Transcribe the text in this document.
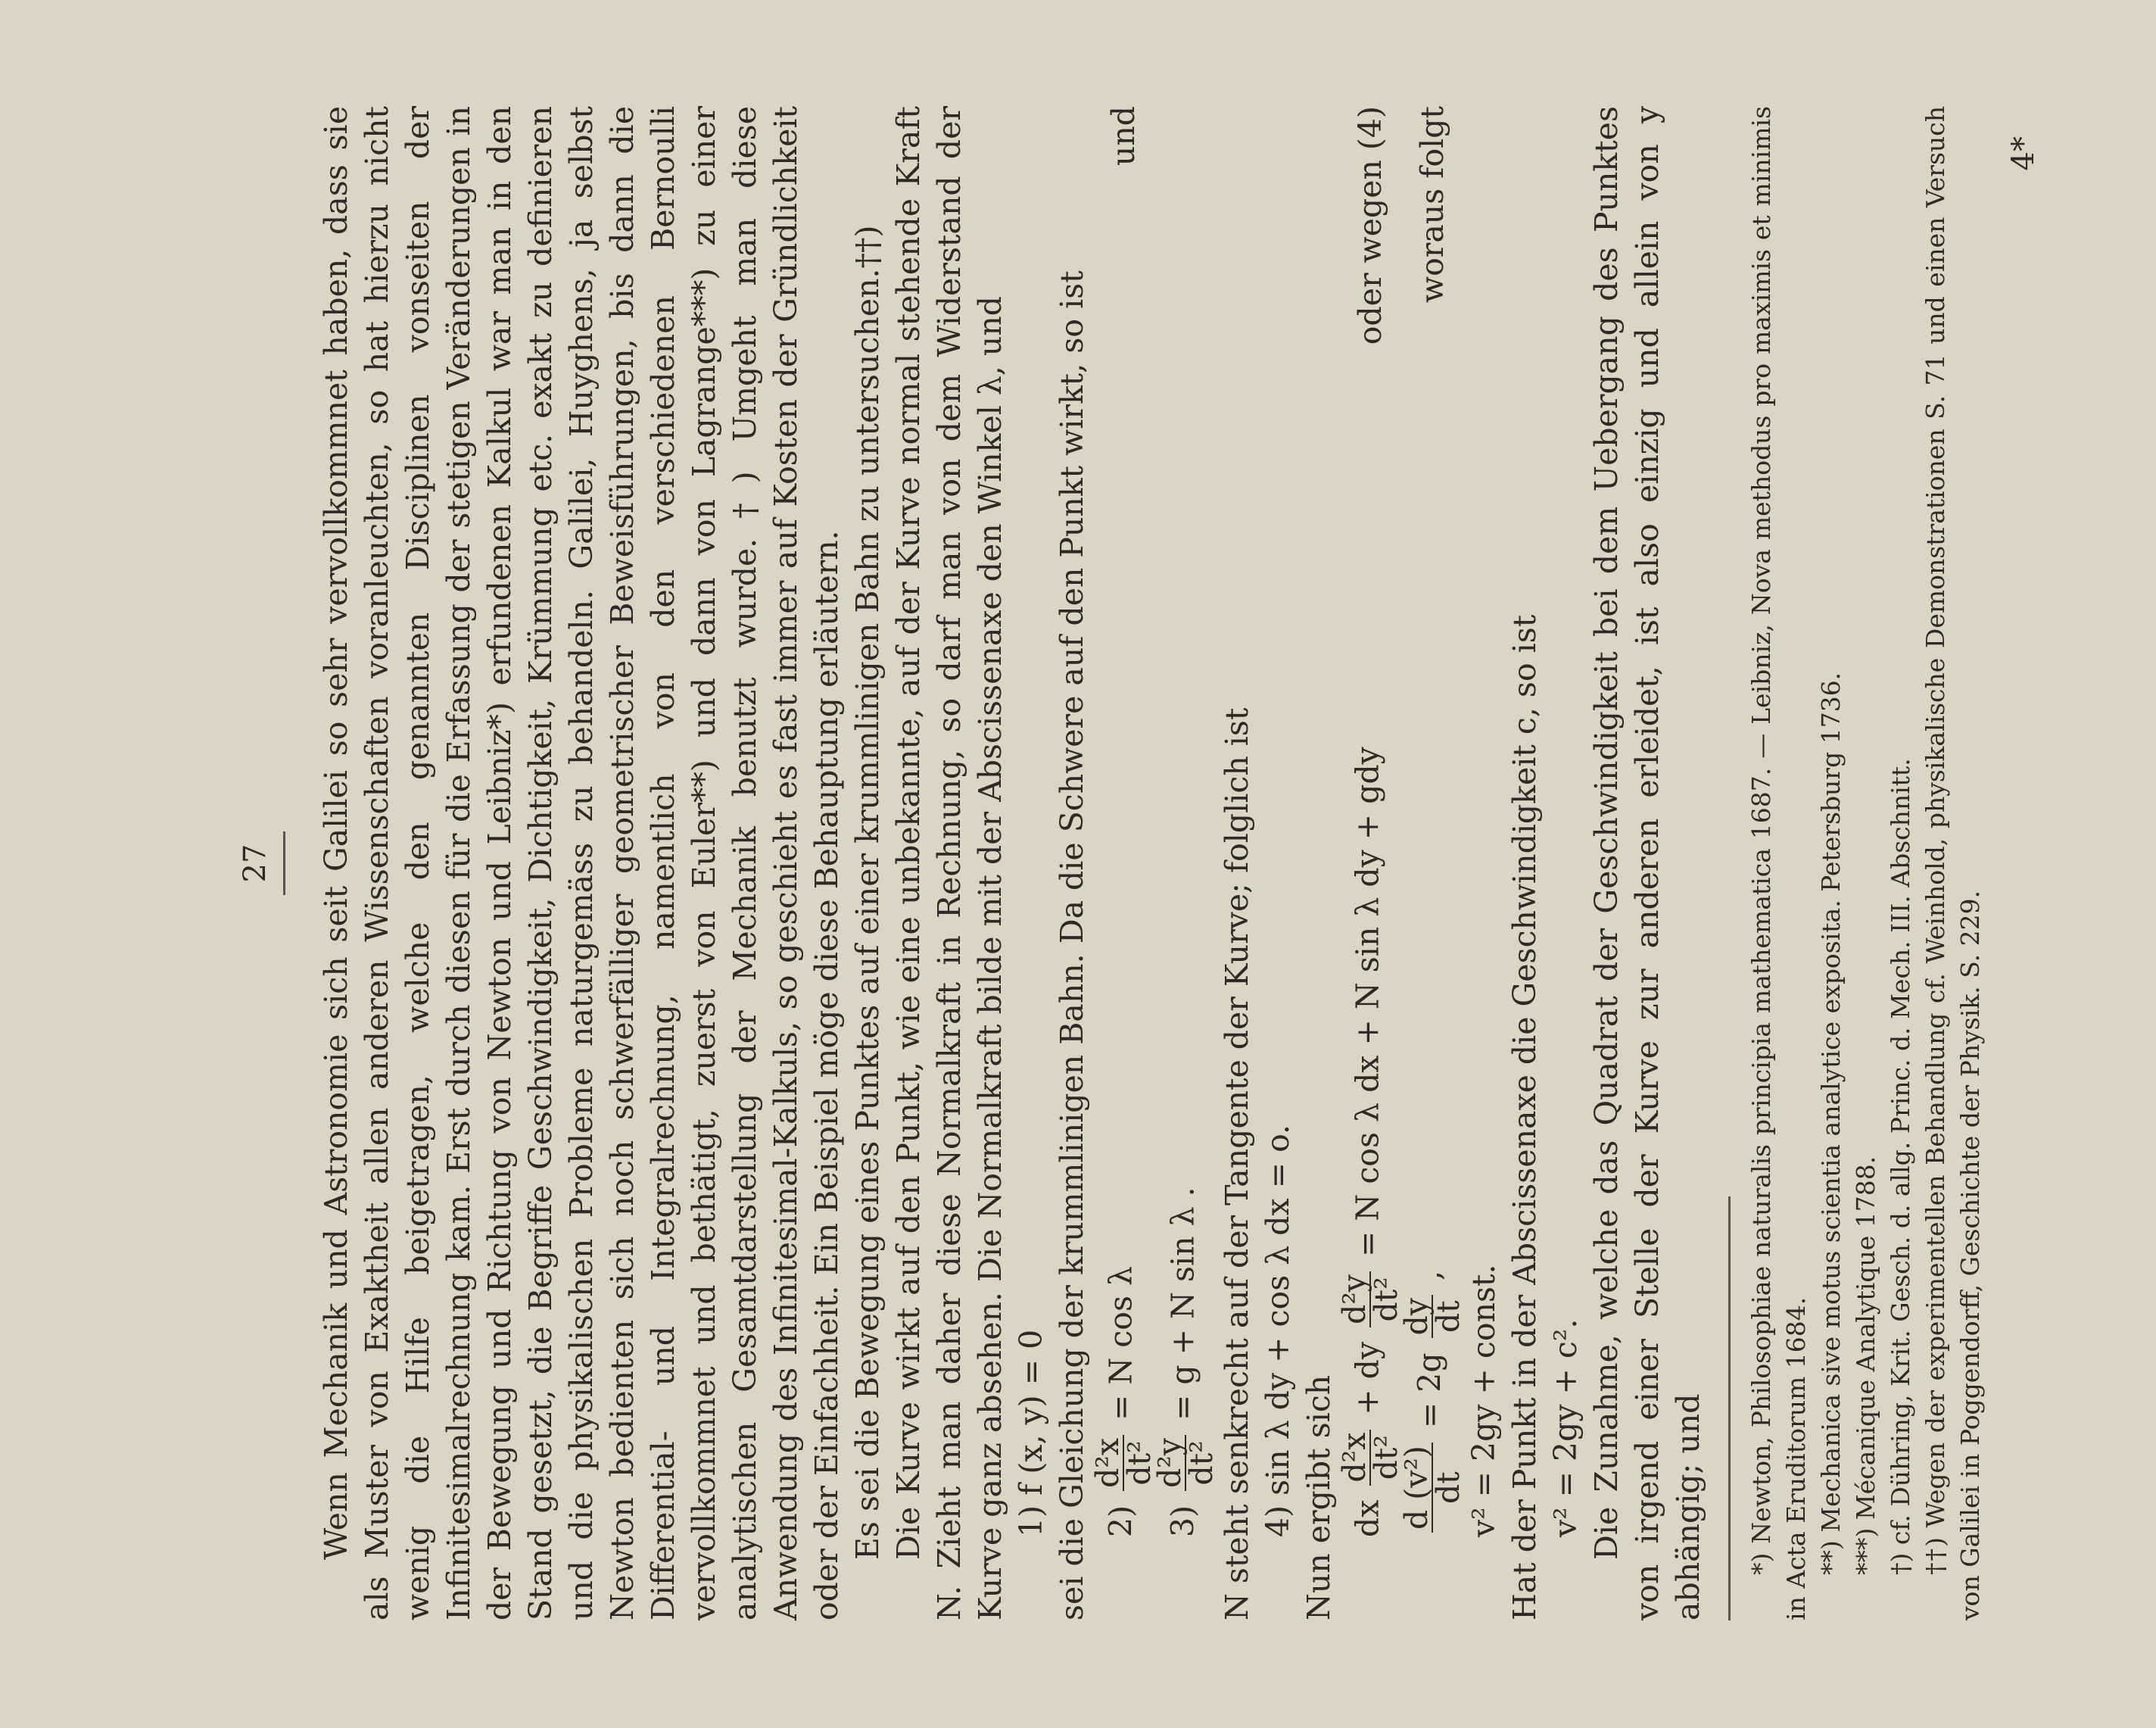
27 Wenn Mechanik und Astronomie sich seit Galilei so sehr vervollkommnet haben, dass sie als Muster von Exaktheit allen anderen Wissenschaften voranleuchten, so hat hierzu nicht wenig die Hilfe beigetragen, welche den genannten Disciplinen vonseiten der Infinitesimalrechnung kam. Erst durch diesen für die Erfassung der stetigen Veränderungen in der Bewegung und Richtung von Newton und Leibniz*) erfundenen Kalkul war man in den Stand gesetzt, die Begriffe Geschwindigkeit, Dichtigkeit, Krümmung etc. exakt zu definieren und die physikalischen Probleme naturgemäss zu behandeln. Galilei, Huyghens, ja selbst Newton bedienten sich noch schwerfälliger geometrischer Beweisführungen, bis dann die Differential- und Integralrechnung, namentlich von den verschiedenen Bernoulli vervollkommnet und bethätigt, zuerst von Euler**) und dann von Lagrange***) zu einer analytischen Gesamtdarstellung der Mechanik benutzt wurde.†) Umgeht man diese Anwendung des Infinitesimal-Kalkuls, so geschieht es fast immer auf Kosten der Gründlichkeit oder der Einfachheit. Ein Beispiel möge diese Behauptung erläutern. Es sei die Bewegung eines Punktes auf einer krummlinigen Bahn zu untersuchen.††) Die Kurve wirkt auf den Punkt, wie eine unbekannte, auf der Kurve normal stehende Kraft N. Zieht man daher diese Normalkraft in Rechnung, so darf man von dem Widerstand der Kurve ganz absehen. Die Normalkraft bilde mit der Abscissenaxe den Winkel λ, und 1) f (x, y) = 0 sei die Gleichung der krummlinigen Bahn. Da die Schwere auf den Punkt wirkt, so ist 2)
d²x
dt²
= N cos λ
und
3)
d²y
dt²
= g + N sin λ . N steht senkrecht auf der Tangente der Kurve; folglich ist 4) sin λ dy + cos λ dx = o. Nun ergibt sich dx
d²x
dt²
+ dy
d²y
dt²
= N cos λ dx + N sin λ dy + gdy
oder wegen (4)
d (v²)
dt
= 2g
dy
dt
,
woraus folgt
v² = 2gy + const. Hat der Punkt in der Abscissenaxe die Geschwindigkeit c, so ist v² = 2gy + c². Die Zunahme, welche das Quadrat der Geschwindigkeit bei dem Uebergang des Punktes von irgend einer Stelle der Kurve zur anderen erleidet, ist also einzig und allein von y abhängig; und *) Newton, Philosophiae naturalis principia mathematica 1687. — Leibniz, Nova methodus pro maximis et minimis in Acta Eruditorum 1684. **) Mechanica sive motus scientia analytice exposita. Petersburg 1736. ***) Mécanique Analytique 1788. †) cf. Dühring, Krit. Gesch. d. allg. Princ. d. Mech. III. Abschnitt. ††) Wegen der experimentellen Behandlung cf. Weinhold, physikalische Demonstrationen S. 71 und einen Versuch von Galilei in Poggendorff, Geschichte der Physik. S. 229.

4*
